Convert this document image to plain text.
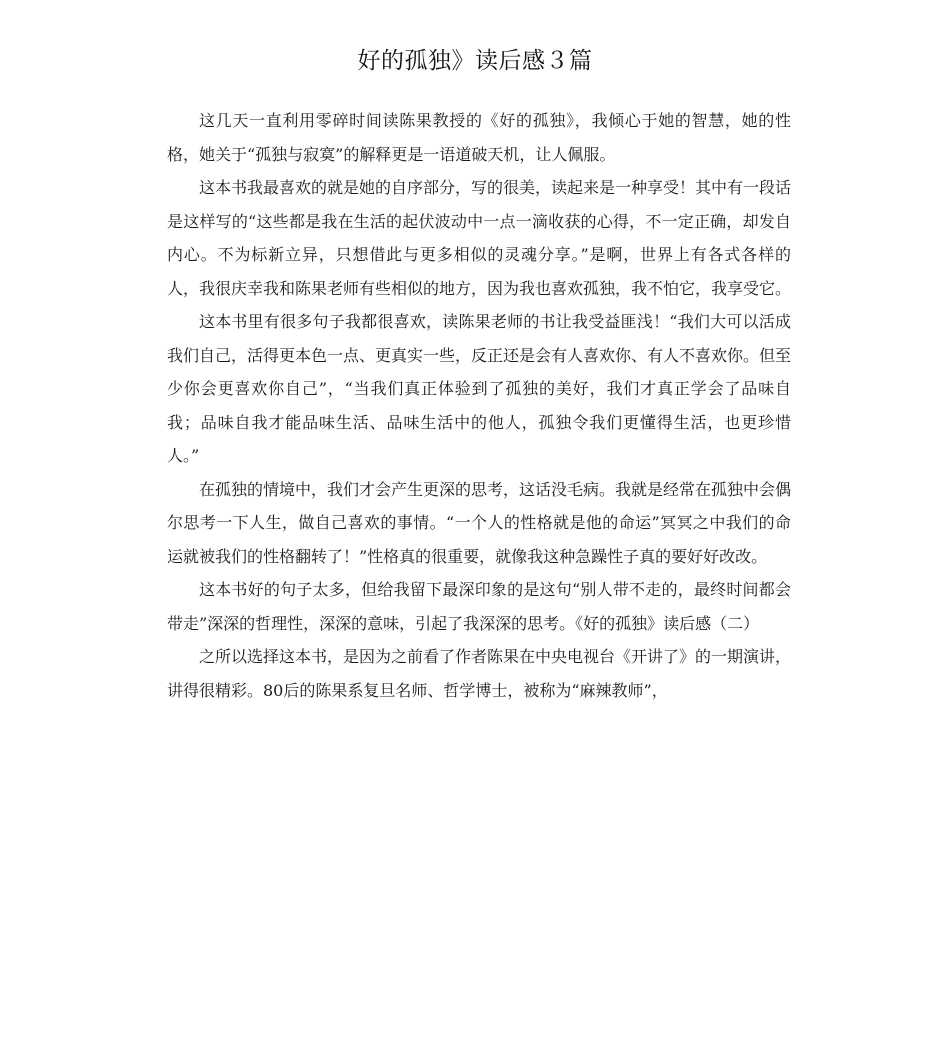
好的孤独》读后感３篇

这几天一直利用零碎时间读陈果教授的《好的孤独》，我倾心于她的智慧，她的性格，她关于“孤独与寂寞”的解释更是一语道破天机，让人佩服。

这本书我最喜欢的就是她的自序部分，写的很美，读起来是一种享受！其中有一段话是这样写的“这些都是我在生活的起伏波动中一点一滴收获的心得，不一定正确，却发自内心。不为标新立异，只想借此与更多相似的灵魂分享。”是啊，世界上有各式各样的人，我很庆幸我和陈果老师有些相似的地方，因为我也喜欢孤独，我不怕它，我享受它。

这本书里有很多句子我都很喜欢，读陈果老师的书让我受益匪浅！“我们大可以活成我们自己，活得更本色一点、更真实一些，反正还是会有人喜欢你、有人不喜欢你。但至少你会更喜欢你自己”，“当我们真正体验到了孤独的美好，我们才真正学会了品味自我；品味自我才能品味生活、品味生活中的他人，孤独令我们更懂得生活，也更珍惜人。”

在孤独的情境中，我们才会产生更深的思考，这话没毛病。我就是经常在孤独中会偶尔思考一下人生，做自己喜欢的事情。“一个人的性格就是他的命运”冥冥之中我们的命运就被我们的性格翻转了！”性格真的很重要，就像我这种急躁性子真的要好好改改。

这本书好的句子太多，但给我留下最深印象的是这句“别人带不走的，最终时间都会带走”深深的哲理性，深深的意味，引起了我深深的思考。《好的孤独》读后感（二）

之所以选择这本书，是因为之前看了作者陈果在中央电视台《开讲了》的一期演讲，讲得很精彩。80后的陈果系复旦名师、哲学博士，被称为“麻辣教师”，
